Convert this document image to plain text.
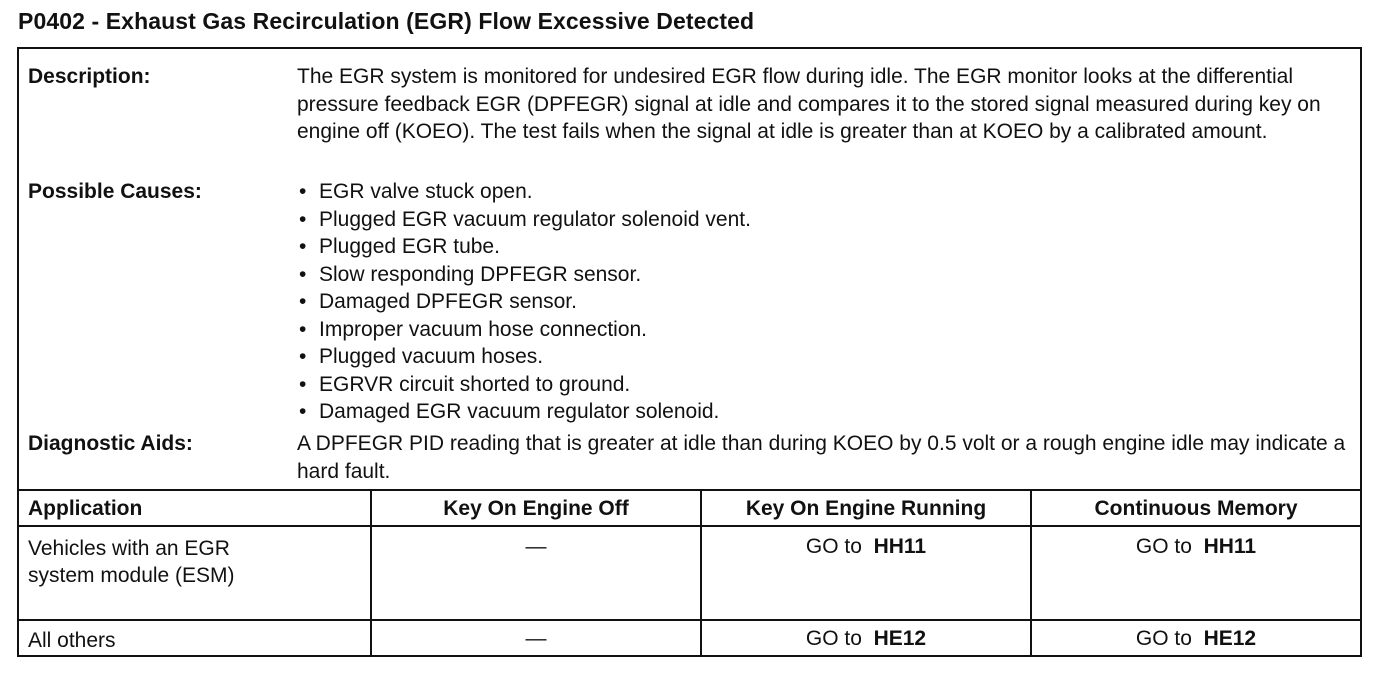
P0402 - Exhaust Gas Recirculation (EGR) Flow Excessive Detected
Description:	The EGR system is monitored for undesired EGR flow during idle. The EGR monitor looks at the differential pressure feedback EGR (DPFEGR) signal at idle and compares it to the stored signal measured during key on engine off (KOEO). The test fails when the signal at idle is greater than at KOEO by a calibrated amount.

Possible Causes:
•	EGR valve stuck open.
• Plugged EGR vacuum regulator solenoid vent.
• Plugged EGR tube.
• Slow responding DPFEGR sensor.
• Damaged DPFEGR sensor.
• Improper vacuum hose connection.
• Plugged vacuum hoses.
• EGRVR circuit shorted to ground.
• Damaged EGR vacuum regulator solenoid.
Diagnostic Aids:	A DPFEGR PID reading that is greater at idle than during KOEO by 0.5 volt or a rough engine idle may indicate a hard fault.

Application	Key On Engine Off	Key On Engine Running	Continuous Memory
Vehicles with an EGR system module (ESM)
—	GO to HH11	GO to HH11
All others	—	GO to HE12	GO to HE12
